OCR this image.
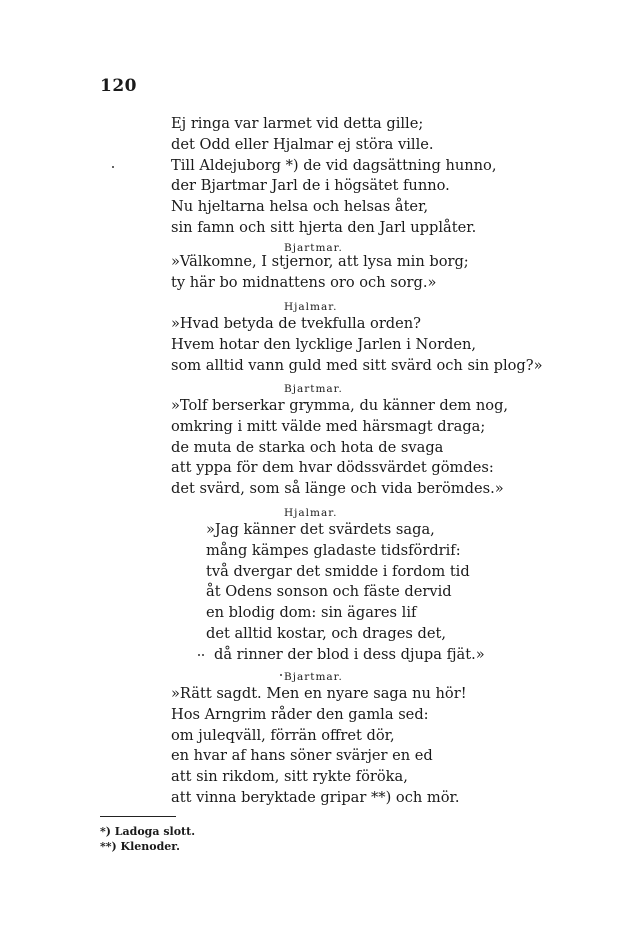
120
Ej ringa var larmet vid detta gille;
det Odd eller Hjalmar ej störa ville.
Till Aldejuborg *) de vid dagsättning hunno,
der Bjartmar Jarl de i högsätet funno.
Nu hjeltarna helsa och helsas åter,
sin famn och sitt hjerta den Jarl upplåter.
Bjartmar.
»Välkomne, I stjernor, att lysa min borg;
ty här bo midnattens oro och sorg.»
Hjalmar.
»Hvad betyda de tvekfulla orden?
Hvem hotar den lycklige Jarlen i Norden,
som alltid vann guld med sitt svärd och sin plog?»
Bjartmar.
»Tolf berserkar grymma, du känner dem nog,
omkring i mitt välde med härsmagt draga;
de muta de starka och hota de svaga
att yppa för dem hvar dödssvärdet gömdes:
det svärd, som så länge och vida berömdes.»
Hjalmar.
»Jag känner det svärdets saga,
mång kämpes gladaste tidsfördrif:
två dvergar det smidde i fordom tid
åt Odens sonson och fäste dervid
en blodig dom: sin ägares lif
det alltid kostar, och drages det,
då rinner der blod i dess djupa fjät.»
Bjartmar.
»Rätt sagdt. Men en nyare saga nu hör!
Hos Arngrim råder den gamla sed:
om juleqväll, förrän offret dör,
en hvar af hans söner svärjer en ed
att sin rikdom, sitt rykte föröka,
att vinna beryktade gripar **) och mör.
*) Ladoga slott.
**) Klenoder.
